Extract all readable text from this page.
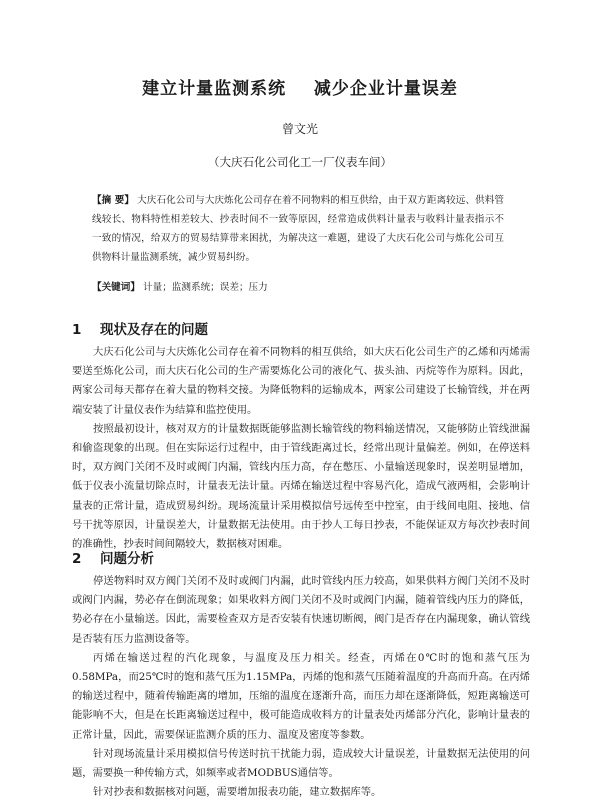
建立计量监测系统    减少企业计量误差
曾文光
（大庆石化公司化工一厂仪表车间）
【摘 要】 大庆石化公司与大庆炼化公司存在着不同物料的相互供给，由于双方距离较远、供料管线较长、物料特性相差较大、抄表时间不一致等原因，经常造成供料计量表与收料计量表指示不一致的情况，给双方的贸易结算带来困扰，为解决这一难题，建设了大庆石化公司与炼化公司互供物料计量监测系统，减少贸易纠纷。
【关键词】 计量；监测系统；误差；压力
1 现状及存在的问题

大庆石化公司与大庆炼化公司存在着不同物料的相互供给，如大庆石化公司生产的乙烯和丙烯需要送至炼化公司，而大庆石化公司的生产需要炼化公司的液化气、拔头油、丙烷等作为原料。因此，两家公司每天都存在着大量的物料交接。为降低物料的运输成本，两家公司建设了长输管线，并在两端安装了计量仪表作为结算和监控使用。

按照最初设计，核对双方的计量数据既能够监测长输管线的物料输送情况，又能够防止管线泄漏和偷盗现象的出现。但在实际运行过程中，由于管线距离过长，经常出现计量偏差。例如，在停送料时，双方阀门关闭不及时或阀门内漏，管线内压力高，存在憋压、小量输送现象时，误差明显增加，低于仪表小流量切除点时，计量表无法计量。丙烯在输送过程中容易汽化，造成气液两相，会影响计量表的正常计量，造成贸易纠纷。现场流量计采用模拟信号远传至中控室，由于线间电阻、接地、信号干扰等原因，计量误差大，计量数据无法使用。由于抄人工每日抄表，不能保证双方每次抄表时间的准确性，抄表时间间隔较大，数据核对困难。

2 问题分析

停送物料时双方阀门关闭不及时或阀门内漏，此时管线内压力较高，如果供料方阀门关闭不及时或阀门内漏，势必存在倒流现象；如果收料方阀门关闭不及时或阀门内漏，随着管线内压力的降低，势必存在小量输送。因此，需要检查双方是否安装有快速切断阀，阀门是否存在内漏现象，确认管线是否装有压力监测设备等。

丙烯在输送过程的汽化现象，与温度及压力相关。经查，丙烯在0℃时的饱和蒸气压为0.58MPa，而25℃时的饱和蒸气压为1.15MPa，丙烯的饱和蒸气压随着温度的升高而升高。在丙烯的输送过程中，随着传输距离的增加，压缩的温度在逐渐升高，而压力却在逐渐降低，短距离输送可能影响不大，但是在长距离输送过程中，极可能造成收料方的计量表处丙烯部分汽化，影响计量表的正常计量，因此，需要保证监测介质的压力、温度及密度等参数。

针对现场流量计采用模拟信号传送时抗干扰能力弱，造成较大计量误差，计量数据无法使用的问题，需要换一种传输方式，如频率或者MODBUS通信等。

针对抄表和数据核对问题，需要增加报表功能，建立数据库等。
